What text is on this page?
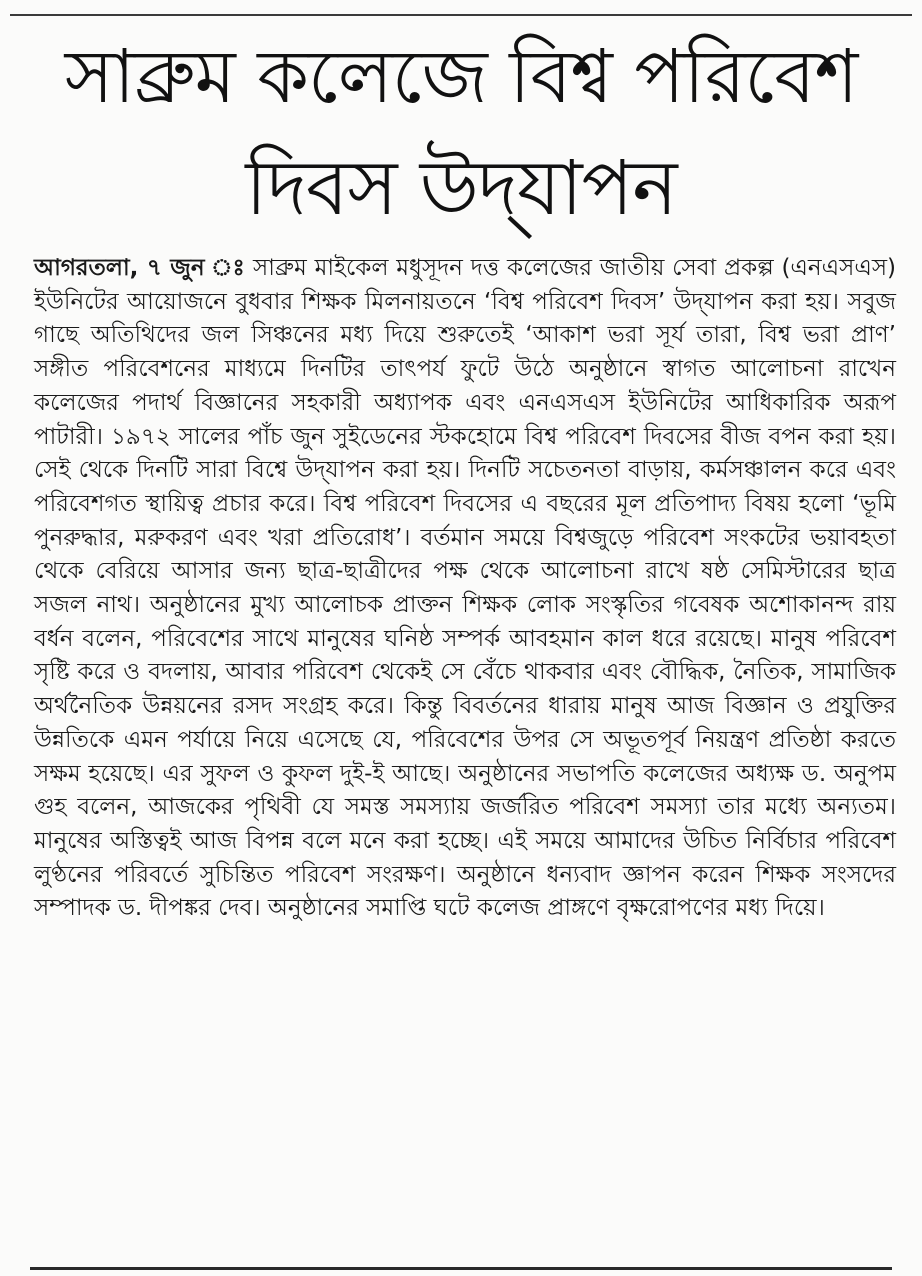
সাব্রুম কলেজে বিশ্ব পরিবেশ
দিবস উদ্‌যাপন

আগরতলা, ৭ জুন ঃ সাব্রুম মাইকেল মধুসূদন দত্ত কলেজের জাতীয় সেবা প্রকল্প (এনএসএস) ইউনিটের আয়োজনে বুধবার শিক্ষক মিলনায়তনে ‘বিশ্ব পরিবেশ দিবস’ উদ্‌যাপন করা হয়। সবুজ গাছে অতিথিদের জল সিঞ্চনের মধ্য দিয়ে শুরুতেই ‘আকাশ ভরা সূর্য তারা, বিশ্ব ভরা প্রাণ’ সঙ্গীত পরিবেশনের মাধ্যমে দিনটির তাৎপর্য ফুটে উঠে অনুষ্ঠানে স্বাগত আলোচনা রাখেন কলেজের পদার্থ বিজ্ঞানের সহকারী অধ্যাপক এবং এনএসএস ইউনিটের আধিকারিক অরূপ পাটারী। ১৯৭২ সালের পাঁচ জুন সুইডেনের স্টকহোমে বিশ্ব পরিবেশ দিবসের বীজ বপন করা হয়। সেই থেকে দিনটি সারা বিশ্বে উদ্‌যাপন করা হয়। দিনটি সচেতনতা বাড়ায়, কর্মসঞ্চালন করে এবং পরিবেশগত স্থায়িত্ব প্রচার করে। বিশ্ব পরিবেশ দিবসের এ বছরের মূল প্রতিপাদ্য বিষয় হলো ‘ভূমি পুনরুদ্ধার, মরুকরণ এবং খরা প্রতিরোধ’। বর্তমান সময়ে বিশ্বজুড়ে পরিবেশ সংকটের ভয়াবহতা থেকে বেরিয়ে আসার জন্য ছাত্র-ছাত্রীদের পক্ষ থেকে আলোচনা রাখে ষষ্ঠ সেমিস্টারের ছাত্র সজল নাথ। অনুষ্ঠানের মুখ্য আলোচক প্রাক্তন শিক্ষক লোক সংস্কৃতির গবেষক অশোকানন্দ রায় বর্ধন বলেন, পরিবেশের সাথে মানুষের ঘনিষ্ঠ সম্পর্ক আবহমান কাল ধরে রয়েছে। মানুষ পরিবেশ সৃষ্টি করে ও বদলায়, আবার পরিবেশ থেকেই সে বেঁচে থাকবার এবং বৌদ্ধিক, নৈতিক, সামাজিক অর্থনৈতিক উন্নয়নের রসদ সংগ্রহ করে। কিন্তু বিবর্তনের ধারায় মানুষ আজ বিজ্ঞান ও প্রযুক্তির উন্নতিকে এমন পর্যায়ে নিয়ে এসেছে যে, পরিবেশের উপর সে অভূতপূর্ব নিয়ন্ত্রণ প্রতিষ্ঠা করতে সক্ষম হয়েছে। এর সুফল ও কুফল দুই-ই আছে। অনুষ্ঠানের সভাপতি কলেজের অধ্যক্ষ ড. অনুপম গুহ বলেন, আজকের পৃথিবী যে সমস্ত সমস্যায় জর্জরিত পরিবেশ সমস্যা তার মধ্যে অন্যতম। মানুষের অস্তিত্বই আজ বিপন্ন বলে মনে করা হচ্ছে। এই সময়ে আমাদের উচিত নির্বিচার পরিবেশ লুণ্ঠনের পরিবর্তে সুচিন্তিত পরিবেশ সংরক্ষণ। অনুষ্ঠানে ধন্যবাদ জ্ঞাপন করেন শিক্ষক সংসদের সম্পাদক ড. দীপঙ্কর দেব। অনুষ্ঠানের সমাপ্তি ঘটে কলেজ প্রাঙ্গণে বৃক্ষরোপণের মধ্য দিয়ে।
